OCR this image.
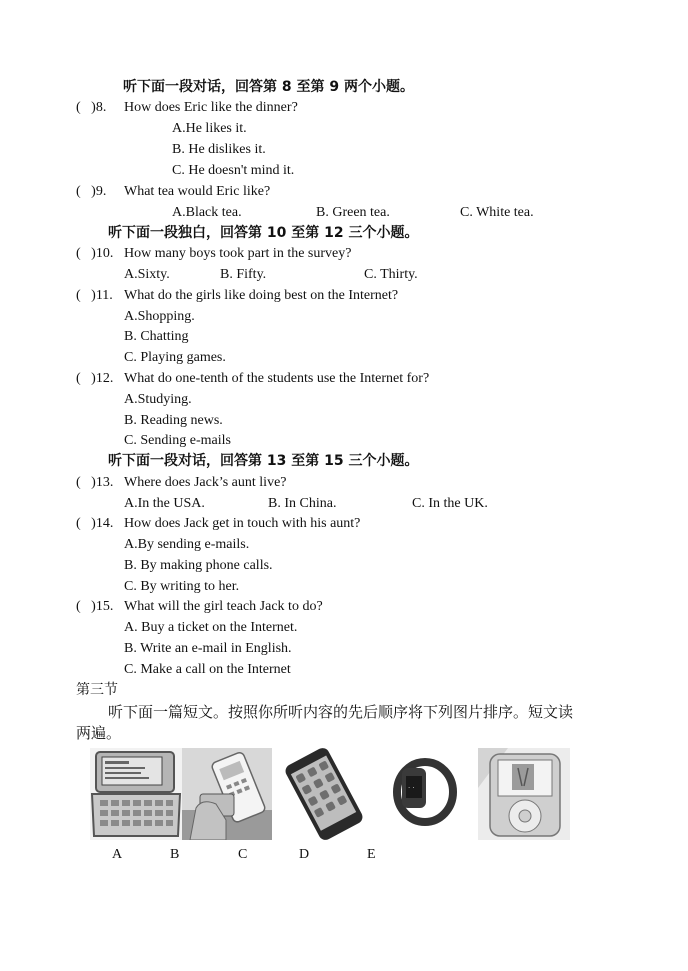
听下面一段对话，回答第 8 至第 9 两个小题。
(   )8. How does Eric like the dinner?
A.He likes it.
B. He dislikes it.
C. He doesn't mind it.
(   )9. What tea would Eric like?
A.Black tea.	B. Green tea.	C. White tea.
听下面一段独白，回答第 10 至第 12 三个小题。
(   )10. How many boys took part in the survey?
A.Sixty.	B. Fifty.	C. Thirty.
(   )11. What do the girls like doing best on the Internet?
A.Shopping.
B. Chatting
C. Playing games.
(   )12. What do one-tenth of the students use the Internet for?
A.Studying.
B. Reading news.
C. Sending e-mails
听下面一段对话，回答第 13 至第 15 三个小题。
(   )13. Where does Jack’s aunt live?
A.In the USA.	B. In China.	C. In the UK.
(   )14. How does Jack get in touch with his aunt?
A.By sending e-mails.
B. By making phone calls.
C. By writing to her.
(   )15. What will the girl teach Jack to do?
A. Buy a ticket on the Internet.
B. Write an e-mail in English.
C. Make a call on the Internet
第三节
听下面一篇短文。按照你所听内容的先后顺序将下列图片排序。短文读
两遍。
· ·
A	B	C	D	E
